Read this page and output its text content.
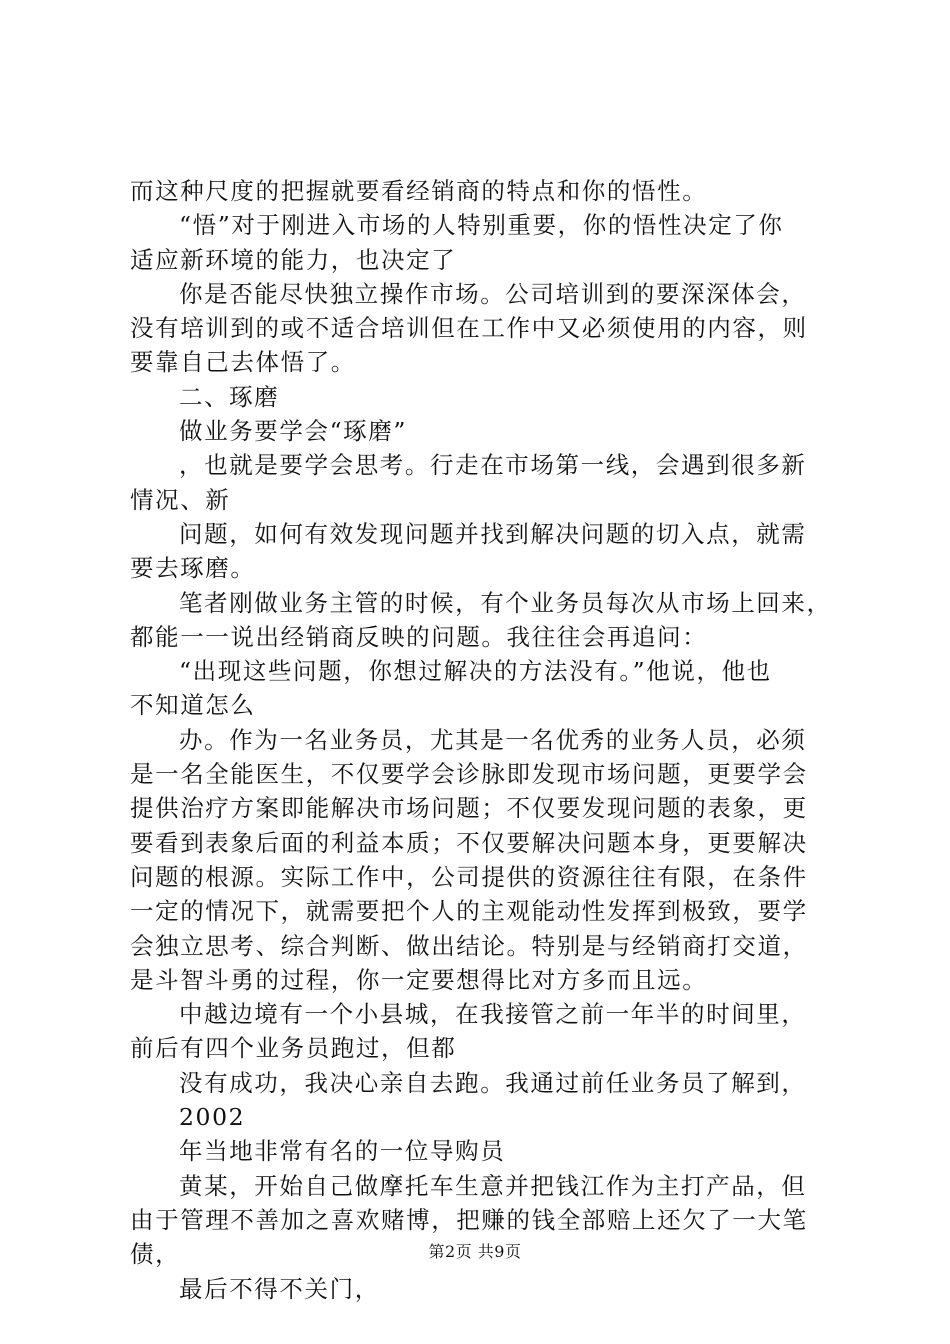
而这种尺度的把握就要看经销商的特点和你的悟性。
“悟”对于刚进入市场的人特别重要，你的悟性决定了你
适应新环境的能力，也决定了
你是否能尽快独立操作市场。公司培训到的要深深体会，
没有培训到的或不适合培训但在工作中又必须使用的内容，则
要靠自己去体悟了。
二、琢磨
做业务要学会“琢磨”
，也就是要学会思考。行走在市场第一线，会遇到很多新
情况、新
问题，如何有效发现问题并找到解决问题的切入点，就需
要去琢磨。
笔者刚做业务主管的时候，有个业务员每次从市场上回来，
都能一一说出经销商反映的问题。我往往会再追问：
“出现这些问题，你想过解决的方法没有。”他说，他也
不知道怎么
办。作为一名业务员，尤其是一名优秀的业务人员，必须
是一名全能医生，不仅要学会诊脉即发现市场问题，更要学会
提供治疗方案即能解决市场问题；不仅要发现问题的表象，更
要看到表象后面的利益本质；不仅要解决问题本身，更要解决
问题的根源。实际工作中，公司提供的资源往往有限，在条件
一定的情况下，就需要把个人的主观能动性发挥到极致，要学
会独立思考、综合判断、做出结论。特别是与经销商打交道，
是斗智斗勇的过程，你一定要想得比对方多而且远。
中越边境有一个小县城，在我接管之前一年半的时间里，
前后有四个业务员跑过，但都
没有成功，我决心亲自去跑。我通过前任业务员了解到，
2002
年当地非常有名的一位导购员
黄某，开始自己做摩托车生意并把钱江作为主打产品，但
由于管理不善加之喜欢赌博，把赚的钱全部赔上还欠了一大笔
债，
最后不得不关门，
第2页 共9页
